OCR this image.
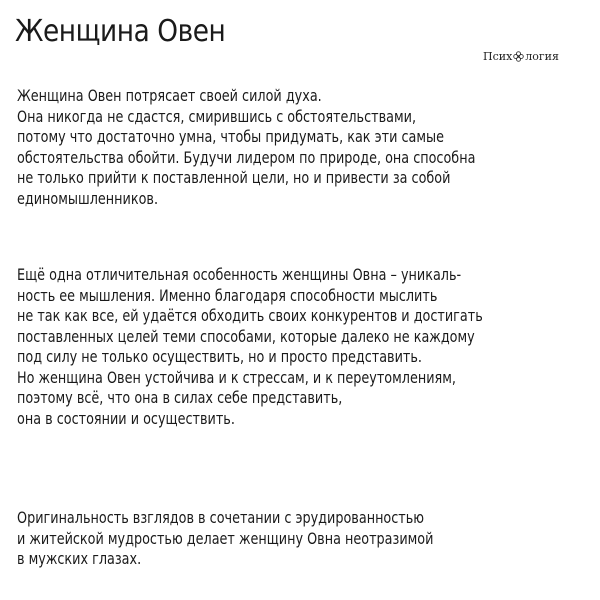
Женщина Овен
Псих логия
Женщина Овен потрясает своей силой духа.
Она никогда не сдастся, смирившись с обстоятельствами,
потому что достаточно умна, чтобы придумать, как эти самые
обстоятельства обойти. Будучи лидером по природе, она способна
не только прийти к поставленной цели, но и привести за собой
единомышленников.
Ещё одна отличительная особенность женщины Овна – уникаль-
ность ее мышления. Именно благодаря способности мыслить
не так как все, ей удаётся обходить своих конкурентов и достигать
поставленных целей теми способами, которые далеко не каждому
под силу не только осуществить, но и просто представить.
Но женщина Овен устойчива и к стрессам, и к переутомлениям,
поэтому всё, что она в силах себе представить,
она в состоянии и осуществить.
Оригинальность взглядов в сочетании с эрудированностью
и житейской мудростью делает женщину Овна неотразимой
в мужских глазах.
